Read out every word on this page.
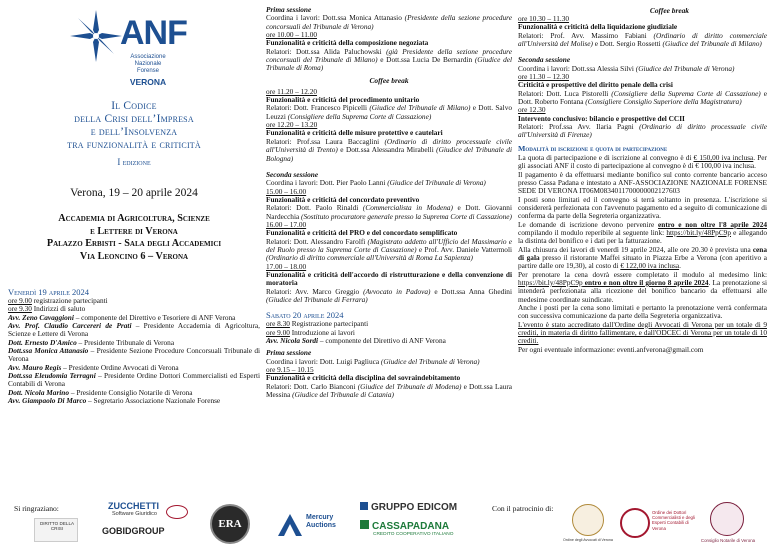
ANF
Associazione
Nazionale
Forense
VERONA
Il Codice
della Crisi dell’Impresa
e dell’Insolvenza
tra funzionalità e criticità
I edizione
Verona, 19 – 20 aprile 2024
Accademia di Agricoltura, Scienze
e Lettere di Verona
Palazzo Erbisti - Sala degli Accademici
Via Leoncino 6 – Verona
Venerdì 19 aprile 2024
ore 9.00 registrazione partecipanti
ore 9.30 Indirizzi di saluto
Avv. Zeno Cavaggioni – componente del Direttivo e Tesoriere di ANF Verona
Avv. Prof. Claudio Carcereri de Prati – Presidente Accademia di Agricoltura, Scienze e Lettere di Verona
Dott. Ernesto D'Amico – Presidente Tribunale di Verona
Dott.ssa Monica Attanasio – Presidente Sezione Procedure Concorsuali Tribunale di Verona
Avv. Mauro Regis – Presidente Ordine Avvocati di Verona
Dott.ssa Eleudomia Terragni – Presidente Ordine Dottori Commercialisti ed Esperti Contabili di Verona
Dott. Nicola Marino – Presidente Consiglio Notarile di Verona
Avv. Giampaolo Di Marco – Segretario Associazione Nazionale Forense
Prima sessione
Coordina i lavori: Dott.ssa Monica Attanasio (Presidente della sezione procedure concorsuali del Tribunale di Verona)
ore 10.00 – 11.00
Funzionalità e criticità della composizione negoziata
Relatori: Dott.ssa Alida Paluchowski (già Presidente della sezione procedure concorsuali del Tribunale di Milano) e Dott.ssa Lucia De Bernardin (Giudice del Tribunale di Roma)
Coffee break
ore 11.20 – 12.20
Funzionalità e criticità del procedimento unitario
Relatori: Dott. Francesco Pipicelli (Giudice del Tribunale di Milano) e Dott. Salvo Leuzzi (Consigliere della Suprema Corte di Cassazione)
ore 12.20 – 13.20
Funzionalità e criticità delle misure protettive e cautelari
Relatori: Prof.ssa Laura Baccaglini (Ordinario di diritto processuale civile all'Università di Trento) e Dott.ssa Alessandra Mirabelli (Giudice del Tribunale di Bologna)
Seconda sessione
Coordina i lavori: Dott. Pier Paolo Lanni (Giudice del Tribunale di Verona)
15.00 – 16.00
Funzionalità e criticità del concordato preventivo
Relatori: Dott. Paolo Rinaldi (Commercialista in Modena) e Dott. Giovanni Nardecchia (Sostituto procuratore generale presso la Suprema Corte di Cassazione)
16.00 – 17.00
Funzionalità e criticità del PRO e del concordato semplificato
Relatori: Dott. Alessandro Farolfi (Magistrato addetto all'Ufficio del Massimario e del Ruolo presso la Suprema Corte di Cassazione) e Prof. Avv. Daniele Vattermoli (Ordinario di diritto commerciale all'Università di Roma La Sapienza)
17.00 – 18.00
Funzionalità e criticità dell'accordo di ristrutturazione e della convenzione di moratoria
Relatori: Avv. Marco Greggio (Avvocato in Padova) e Dott.ssa Anna Ghedini (Giudice del Tribunale di Ferrara)
Sabato 20 aprile 2024
ore 8.30 Registrazione partecipanti
ore 9.00 Introduzione ai lavori
Avv. Nicola Sordi – componente del Direttivo di ANF Verona
Prima sessione
Coordina i lavori: Dott. Luigi Pagliuca (Giudice del Tribunale di Verona)
ore 9.15 – 10.15
Funzionalità e criticità della disciplina del sovraindebitamento
Relatori: Dott. Carlo Bianconi (Giudice del Tribunale di Modena) e Dott.ssa Laura Messina (Giudice del Tribunale di Catania)
Coffee break
ore 10.30 – 11.30
Funzionalità e criticità della liquidazione giudiziale
Relatori: Prof. Avv. Massimo Fabiani (Ordinario di diritto commerciale all'Università del Molise) e Dott. Sergio Rossetti (Giudice del Tribunale di Milano)
Seconda sessione
Coordina i lavori: Dott.ssa Alessia Silvi (Giudice del Tribunale di Verona)
ore 11.30 – 12.30
Criticità e prospettive del diritto penale della crisi
Relatori: Dott. Luca Pistorelli (Consigliere della Suprema Corte di Cassazione) e Dott. Roberto Fontana (Consigliere Consiglio Superiore della Magistratura)
ore 12.30
Intervento conclusivo: bilancio e prospettive del CCII
Relatori: Prof.ssa Avv. Ilaria Pagni (Ordinario di diritto processuale civile all'Università di Firenze)
Modalità di iscrizione e quota di partecipazione
La quota di partecipazione e di iscrizione al convegno è di € 150,00 iva inclusa. Per gli associati ANF il costo di partecipazione al convegno è di € 100,00 iva inclusa.
Il pagamento è da effettuarsi mediante bonifico sul conto corrente bancario acceso presso Cassa Padana e intestato a ANF-ASSOCIAZIONE NAZIONALE FORENSE SEDE DI VERONA IT06M0834011700000002127603
I posti sono limitati ed il convegno si terrà soltanto in presenza. L'iscrizione si considererà perfezionata con l'avvenuto pagamento ed a seguito di comunicazione di conferma da parte della Segreteria organizzativa.
Le domande di iscrizione devono pervenire entro e non oltre l'8 aprile 2024 compilando il modulo reperibile al seguente link: https://bit.ly/48PpC9p e allegando la distinta del bonifico e i dati per la fatturazione.
Alla chiusura dei lavori di venerdì 19 aprile 2024, alle ore 20.30 è prevista una cena di gala presso il ristorante Maffei situato in Piazza Erbe a Verona (con aperitivo a partire dalle ore 19,30), al costo di € 122,00 iva inclusa.
Per prenotare la cena dovrà essere completato il modulo al medesimo link: https://bit.ly/48PpC9p entro e non oltre il giorno 8 aprile 2024. La prenotazione si intenderà perfezionata alla ricezione del bonifico bancario da effettuarsi alle medesime coordinate suindicate.
Anche i posti per la cena sono limitati e pertanto la prenotazione verrà confermata con successiva comunicazione da parte della Segreteria organizzativa.
L'evento è stato accreditato dall'Ordine degli Avvocati di Verona per un totale di 9 crediti, in materia di diritto fallimentare, e dall'ODCEC di Verona per un totale di 10 crediti.
Per ogni eventuale informazione: eventi.anfverona@gmail.com
Si ringraziano:	ZUCCHETTI
Software Giuridico
DIRITTO DELLA CRISI	GOBIDGROUP
ERA
Mercury Auctions
GRUPPO EDICOM
CASSAPADANA
CREDITO COOPERATIVO ITALIANO
Con il patrocinio di:
Ordine degli Avvocati di Verona
Ordine dei Dottori Commercialisti e degli Esperti Contabili di Verona
Consiglio Notarile di Verona
